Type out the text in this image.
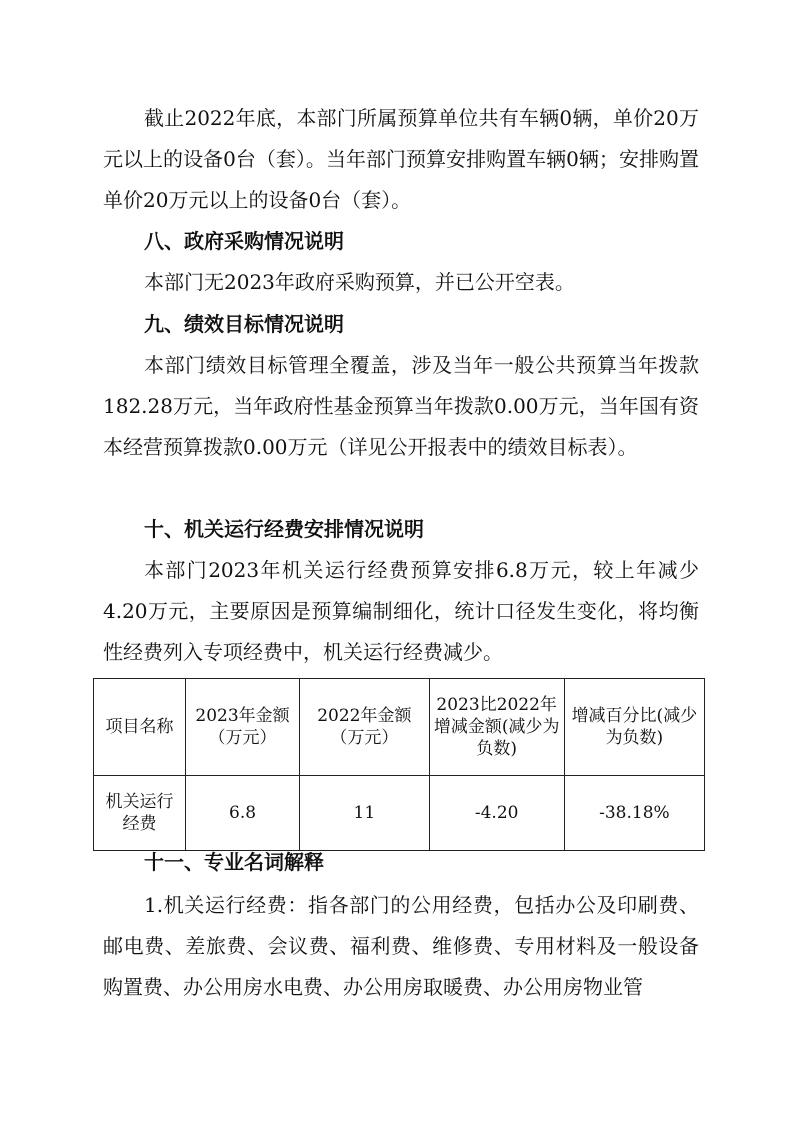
截止2022年底，本部门所属预算单位共有车辆0辆，单价20万元以上的设备0台（套）。当年部门预算安排购置车辆0辆；安排购置单价20万元以上的设备0台（套）。

八、政府采购情况说明

本部门无2023年政府采购预算，并已公开空表。

九、绩效目标情况说明

本部门绩效目标管理全覆盖，涉及当年一般公共预算当年拨款182.28万元，当年政府性基金预算当年拨款0.00万元，当年国有资本经营预算拨款0.00万元（详见公开报表中的绩效目标表）。

十、机关运行经费安排情况说明

本部门2023年机关运行经费预算安排6.8万元，较上年减少4.20万元，主要原因是预算编制细化，统计口径发生变化，将均衡性经费列入专项经费中，机关运行经费减少。

项目名称	2023年金额（万元）	2022年金额（万元）	2023比2022年增减金额(减少为负数)	增减百分比(减少为负数)
机关运行经费	6.8	11	-4.20	-38.18%

十一、专业名词解释

1.机关运行经费：指各部门的公用经费，包括办公及印刷费、邮电费、差旅费、会议费、福利费、维修费、专用材料及一般设备购置费、办公用房水电费、办公用房取暖费、办公用房物业管
